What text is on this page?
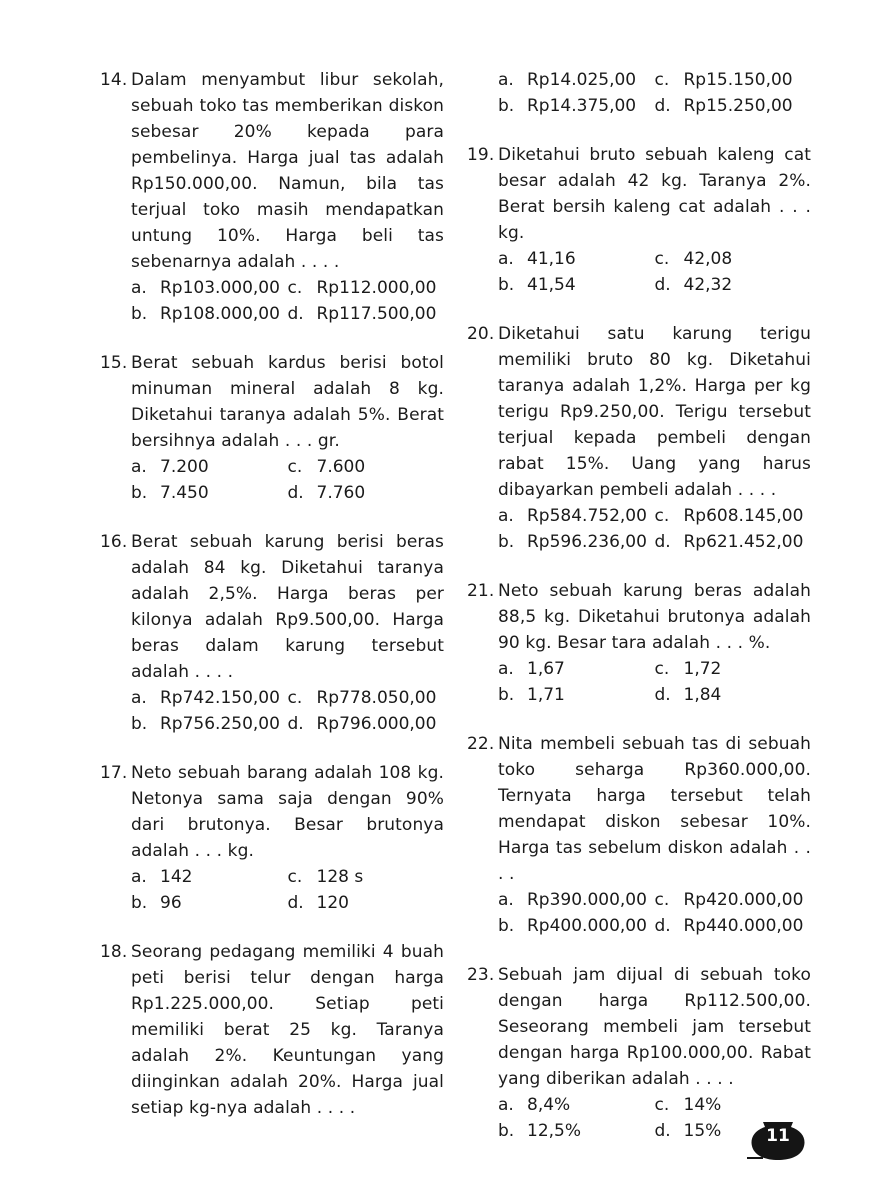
14. Dalam menyambut libur sekolah, sebuah toko tas memberikan diskon sebesar 20% kepada para pembelinya. Harga jual tas adalah Rp150.000,00. Namun, bila tas terjual toko masih mendapatkan untung 10%. Harga beli tas sebenarnya adalah . . . .
a. Rp103.000,00 c. Rp112.000,00
b. Rp108.000,00 d. Rp117.500,00
15. Berat sebuah kardus berisi botol minuman mineral adalah 8 kg. Diketahui taranya adalah 5%. Berat bersihnya adalah . . . gr.
a. 7.200	c. 7.600
b. 7.450	d. 7.760
16. Berat sebuah karung berisi beras adalah 84 kg. Diketahui taranya adalah 2,5%. Harga beras per kilonya adalah Rp9.500,00. Harga beras dalam karung tersebut adalah . . . .
a. Rp742.150,00 c. Rp778.050,00
b. Rp756.250,00 d. Rp796.000,00
17. Neto sebuah barang adalah 108 kg. Netonya sama saja dengan 90% dari brutonya. Besar brutonya adalah . . . kg.
a. 142	c. 128 s
b. 96	d. 120
18. Seorang pedagang memiliki 4 buah peti berisi telur dengan harga Rp1.225.000,00. Setiap peti memiliki berat 25 kg. Taranya adalah 2%. Keuntungan yang diinginkan adalah 20%. Harga jual setiap kg-nya adalah . . . .
a. Rp14.025,00 c. Rp15.150,00
b. Rp14.375,00 d. Rp15.250,00
19. Diketahui bruto sebuah kaleng cat besar adalah 42 kg. Taranya 2%. Berat bersih kaleng cat adalah . . . kg.
a. 41,16	c. 42,08
b. 41,54	d. 42,32
20. Diketahui satu karung terigu memiliki bruto 80 kg. Diketahui taranya adalah 1,2%. Harga per kg terigu Rp9.250,00. Terigu tersebut terjual kepada pembeli dengan rabat 15%. Uang yang harus dibayarkan pembeli adalah . . . .
a. Rp584.752,00 c. Rp608.145,00
b. Rp596.236,00 d. Rp621.452,00
21. Neto sebuah karung beras adalah 88,5 kg. Diketahui brutonya adalah 90 kg. Besar tara adalah . . . %.
a. 1,67	c. 1,72
b. 1,71	d. 1,84
22. Nita membeli sebuah tas di sebuah toko seharga Rp360.000,00. Ternyata harga tersebut telah mendapat diskon sebesar 10%. Harga tas sebelum diskon adalah . . . .
a. Rp390.000,00 c. Rp420.000,00
b. Rp400.000,00 d. Rp440.000,00
23. Sebuah jam dijual di sebuah toko dengan harga Rp112.500,00. Seseorang membeli jam tersebut dengan harga Rp100.000,00. Rabat yang diberikan adalah . . . .
a. 8,4%	c. 14%
b. 12,5%	d. 15%	11
